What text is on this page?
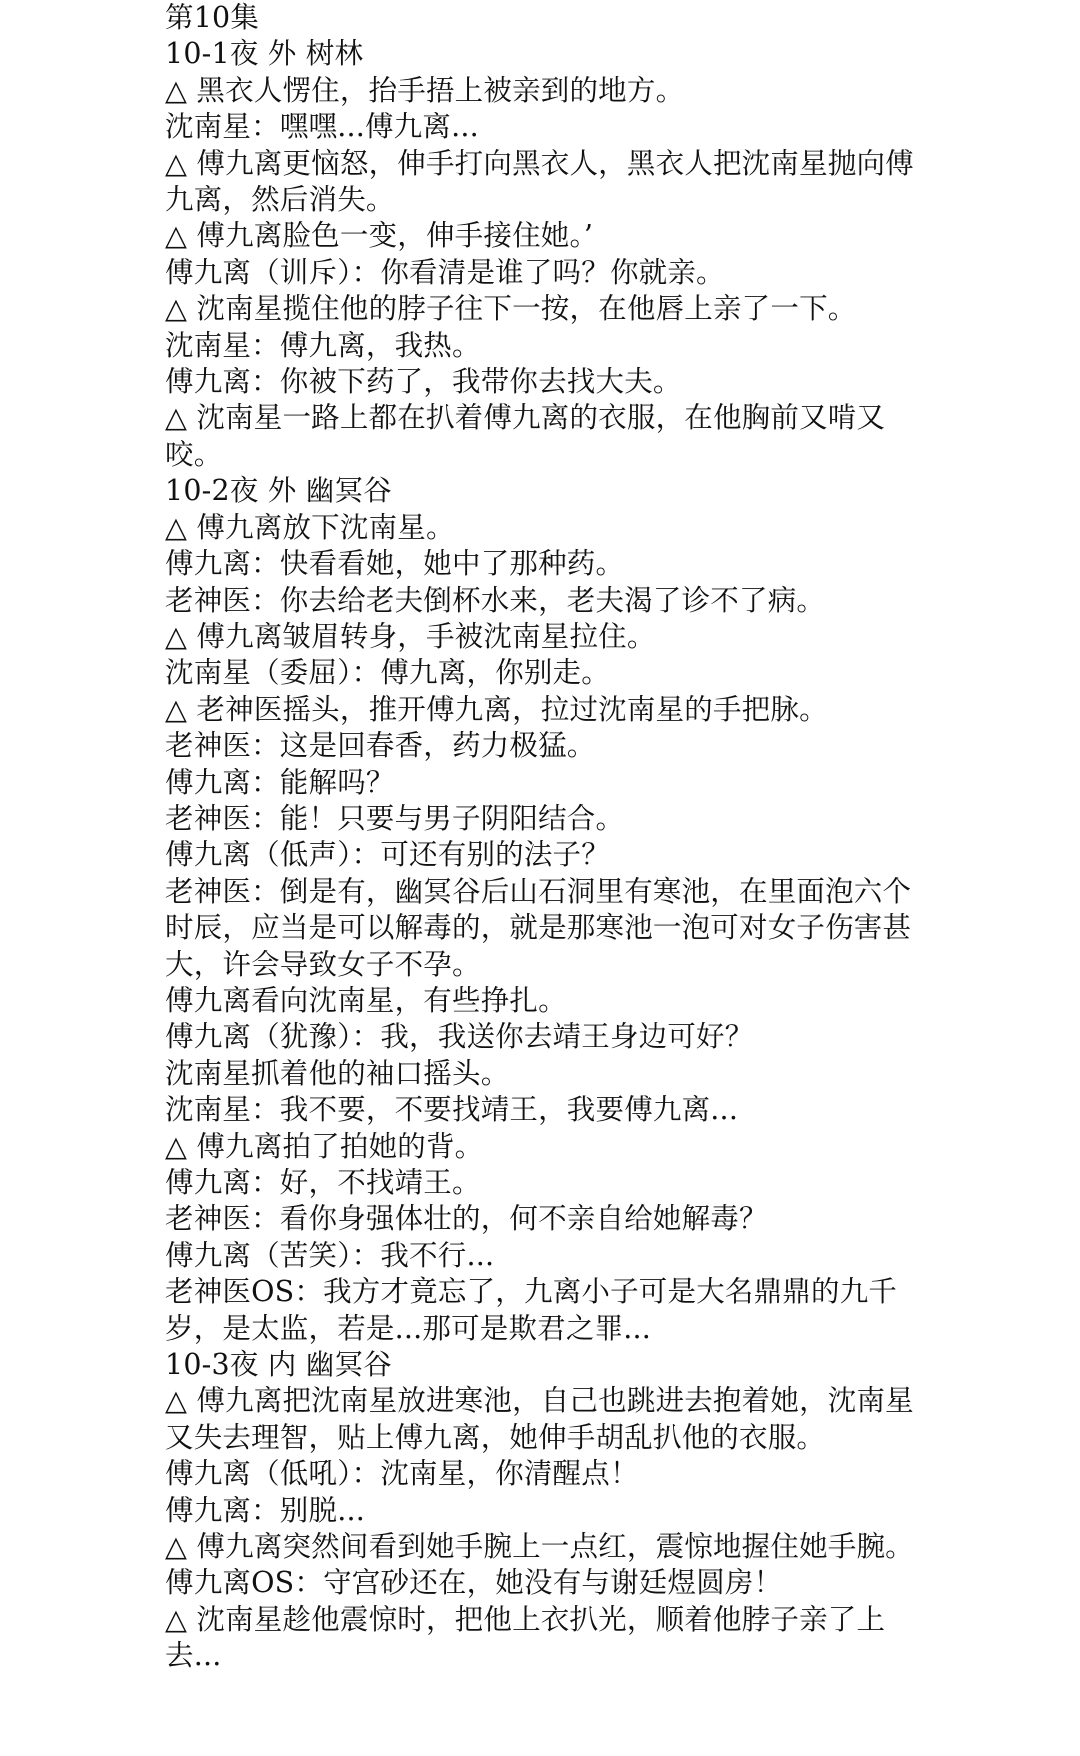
第10集

10-1夜 外 树林

△ 黑衣人愣住，抬手捂上被亲到的地方。

沈南星：嘿嘿...傅九离...

△ 傅九离更恼怒，伸手打向黑衣人，黑衣人把沈南星抛向傅九离，然后消失。

△ 傅九离脸色一变，伸手接住她。’

傅九离（训斥）：你看清是谁了吗？你就亲。

△ 沈南星揽住他的脖子往下一按，在他唇上亲了一下。

沈南星：傅九离，我热。

傅九离：你被下药了，我带你去找大夫。

△ 沈南星一路上都在扒着傅九离的衣服，在他胸前又啃又咬。

10-2夜 外 幽冥谷

△ 傅九离放下沈南星。

傅九离：快看看她，她中了那种药。

老神医：你去给老夫倒杯水来，老夫渴了诊不了病。

△ 傅九离皱眉转身，手被沈南星拉住。

沈南星（委屈）：傅九离，你别走。

△ 老神医摇头，推开傅九离，拉过沈南星的手把脉。

老神医：这是回春香，药力极猛。

傅九离：能解吗？

老神医：能！只要与男子阴阳结合。

傅九离（低声）：可还有别的法子？

老神医：倒是有，幽冥谷后山石洞里有寒池，在里面泡六个时辰，应当是可以解毒的，就是那寒池一泡可对女子伤害甚大，许会导致女子不孕。

傅九离看向沈南星，有些挣扎。

傅九离（犹豫）：我，我送你去靖王身边可好？

沈南星抓着他的袖口摇头。

沈南星：我不要，不要找靖王，我要傅九离...

△ 傅九离拍了拍她的背。

傅九离：好，不找靖王。

老神医：看你身强体壮的，何不亲自给她解毒？

傅九离（苦笑）：我不行...

老神医OS：我方才竟忘了，九离小子可是大名鼎鼎的九千岁，是太监，若是...那可是欺君之罪...

10-3夜 内 幽冥谷

△ 傅九离把沈南星放进寒池，自己也跳进去抱着她，沈南星又失去理智，贴上傅九离，她伸手胡乱扒他的衣服。

傅九离（低吼）：沈南星，你清醒点！

傅九离：别脱...

△ 傅九离突然间看到她手腕上一点红，震惊地握住她手腕。

傅九离OS：守宫砂还在，她没有与谢廷煜圆房！

△ 沈南星趁他震惊时，把他上衣扒光，顺着他脖子亲了上去...
